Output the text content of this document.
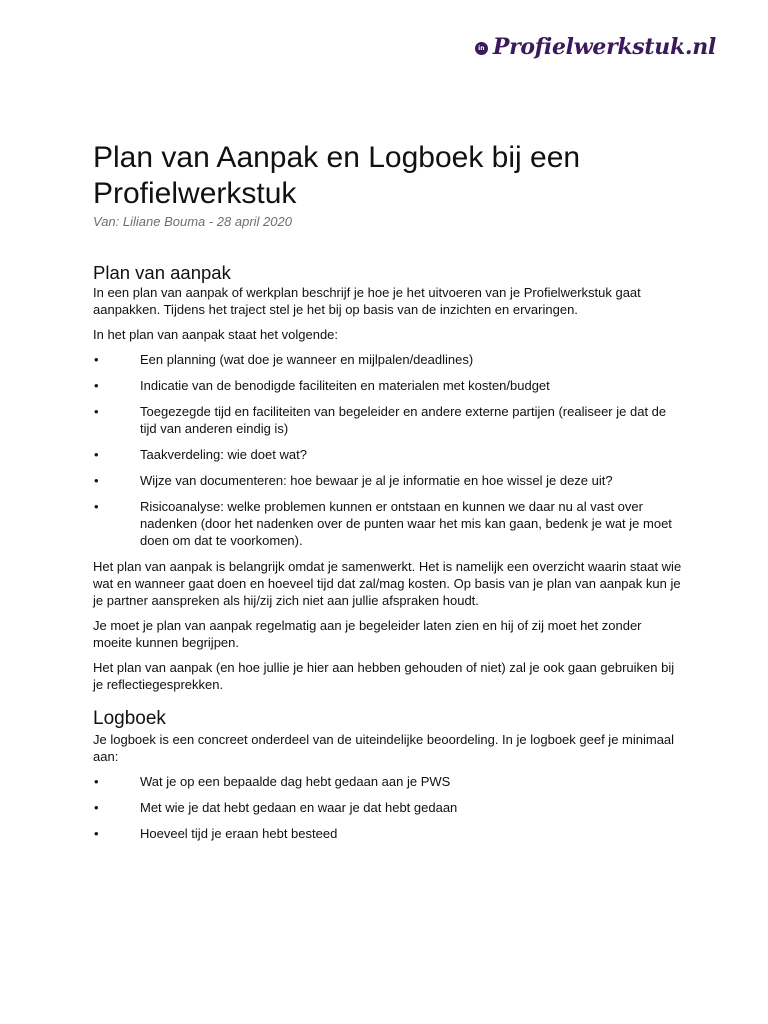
in Profielwerkstuk.nl
Plan van Aanpak en Logboek bij een Profielwerkstuk
Van: Liliane Bouma - 28 april 2020
Plan van aanpak

In een plan van aanpak of werkplan beschrijf je hoe je het uitvoeren van je Profielwerkstuk gaat aanpakken. Tijdens het traject stel je het bij op basis van de inzichten en ervaringen.

In het plan van aanpak staat het volgende:

•	Een planning (wat doe je wanneer en mijlpalen/deadlines)
•	Indicatie van de benodigde faciliteiten en materialen met kosten/budget
•	Toegezegde tijd en faciliteiten van begeleider en andere externe partijen (realiseer je dat de tijd van anderen eindig is)
•	Taakverdeling: wie doet wat?
•	Wijze van documenteren: hoe bewaar je al je informatie en hoe wissel je deze uit?
•	Risicoanalyse: welke problemen kunnen er ontstaan en kunnen we daar nu al vast over nadenken (door het nadenken over de punten waar het mis kan gaan, bedenk je wat je moet doen om dat te voorkomen).

Het plan van aanpak is belangrijk omdat je samenwerkt. Het is namelijk een overzicht waarin staat wie wat en wanneer gaat doen en hoeveel tijd dat zal/mag kosten. Op basis van je plan van aanpak kun je je partner aanspreken als hij/zij zich niet aan jullie afspraken houdt.

Je moet je plan van aanpak regelmatig aan je begeleider laten zien en hij of zij moet het zonder moeite kunnen begrijpen.

Het plan van aanpak (en hoe jullie je hier aan hebben gehouden of niet) zal je ook gaan gebruiken bij je reflectiegesprekken.

Logboek

Je logboek is een concreet onderdeel van de uiteindelijke beoordeling. In je logboek geef je minimaal aan:

•	Wat je op een bepaalde dag hebt gedaan aan je PWS
•	Met wie je dat hebt gedaan en waar je dat hebt gedaan
•	Hoeveel tijd je eraan hebt besteed
